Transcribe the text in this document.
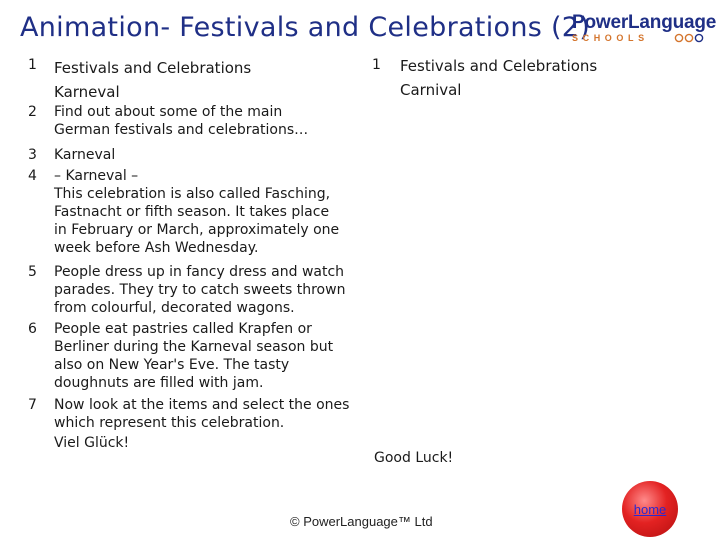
Animation- Festivals and Celebrations (2)
PowerLanguage
SCHOOLS
1	Festivals and Celebrations
Karneval
2	Find out about some of the main
German festivals and celebrations…
3	Karneval
4	– Karneval –
This celebration is also called Fasching,
Fastnacht or fifth season. It takes place
in February or March, approximately one
week before Ash Wednesday.
5	People dress up in fancy dress and watch
parades. They try to catch sweets thrown
from colourful, decorated wagons.
6	People eat pastries called Krapfen or
Berliner during the Karneval season but
also on New Year's Eve. The tasty
doughnuts are filled with jam.
7	Now look at the items and select the ones
which represent this celebration.
Viel Glück!
1 Festivals and Celebrations
Carnival
Good Luck!
© PowerLanguage™ Ltd
home
